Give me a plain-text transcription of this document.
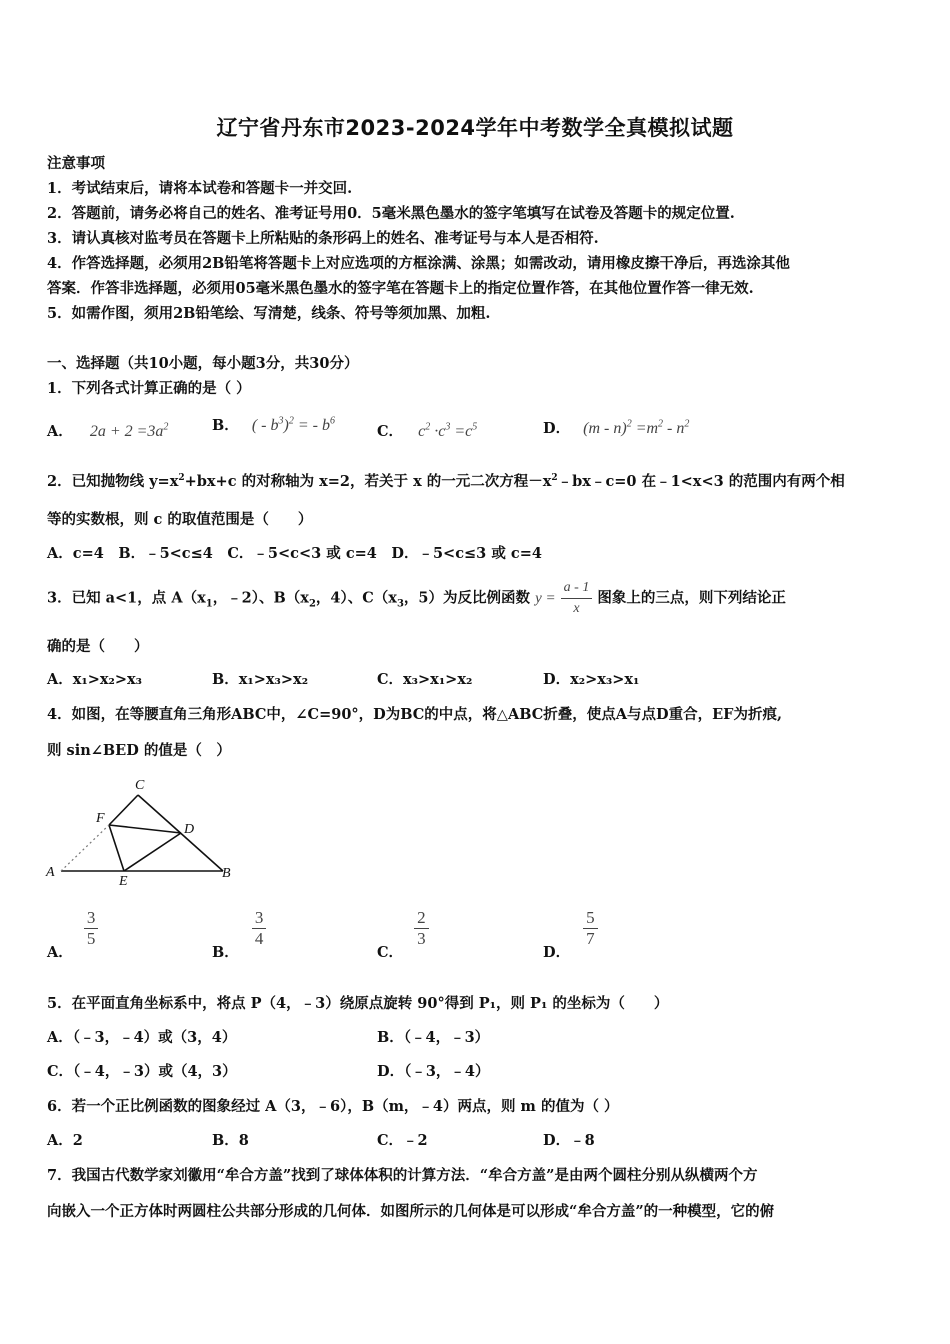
辽宁省丹东市2023-2024学年中考数学全真模拟试题
注意事项
1．考试结束后，请将本试卷和答题卡一并交回.
2．答题前，请务必将自己的姓名、准考证号用0．5毫米黑色墨水的签字笔填写在试卷及答题卡的规定位置.
3．请认真核对监考员在答题卡上所粘贴的条形码上的姓名、准考证号与本人是否相符.
4．作答选择题，必须用2B铅笔将答题卡上对应选项的方框涂满、涂黑；如需改动，请用橡皮擦干净后，再选涂其他
答案．作答非选择题，必须用05毫米黑色墨水的签字笔在答题卡上的指定位置作答，在其他位置作答一律无效.
5．如需作图，须用2B铅笔绘、写清楚，线条、符号等须加黑、加粗.
一、选择题（共10小题，每小题3分，共30分）
1．下列各式计算正确的是（ ）
A． $2a + 2 =3a^2$	B． ( - $b^3)^2$ = - $b^6$
C． $c^2 \cdot c^3 =c^5$	D． $(m - n)^2 =m^2 - n^2$
2．已知抛物线 $y=x^2+bx+c$ 的对称轴为 x=2，若关于 x 的一元二次方程$-x^2﹣bx﹣c=0$ 在﹣1<x<3 的范围内有两个相
等的实数根，则 c 的取值范围是（　　）
A．c=4　B．﹣5<c≤4　C．﹣5<c<3 或 c=4　D．﹣5<c≤3 或 c=4
3．已知 a<1，点 $A(x_1$，﹣2）、$B(x_2$，4）、$C(x_3$，5）为反比例函数 $y = \frac{a - 1}{x}$ 图象上的三点，则下列结论正
确的是（　　）
A．x₁>x₂>x₃	B．x₁>x₃>x₂	C．x₃>x₁>x₂	D．x₂>x₃>x₁
4．如图，在等腰直角三角形ABC中，∠C=90°，D为BC的中点，将△ABC折叠，使点A与点D重合，EF为折痕,
则 sin∠BED 的值是（　）
C
F
D
A
E
B
A．
$\frac{3}{5}$
B．
$\frac{3}{4}$
C．
$\frac{2}{3}$
D．
$\frac{5}{7}$
5．在平面直角坐标系中，将点 P（4，﹣3）绕原点旋转 90°得到 P₁，则 P₁ 的坐标为（　　）
A．（﹣3，﹣4）或（3，4）	B．（﹣4，﹣3）
C．（﹣4，﹣3）或（4，3）	D．（﹣3，﹣4）
6．若一个正比例函数的图象经过 A（3，﹣6），B（m，﹣4）两点，则 m 的值为（ ）
A．2	B．8	C．﹣2	D．﹣8
7．我国古代数学家刘徽用“牟合方盖”找到了球体体积的计算方法．“牟合方盖”是由两个圆柱分别从纵横两个方
向嵌入一个正方体时两圆柱公共部分形成的几何体．如图所示的几何体是可以形成“牟合方盖”的一种模型，它的俯
